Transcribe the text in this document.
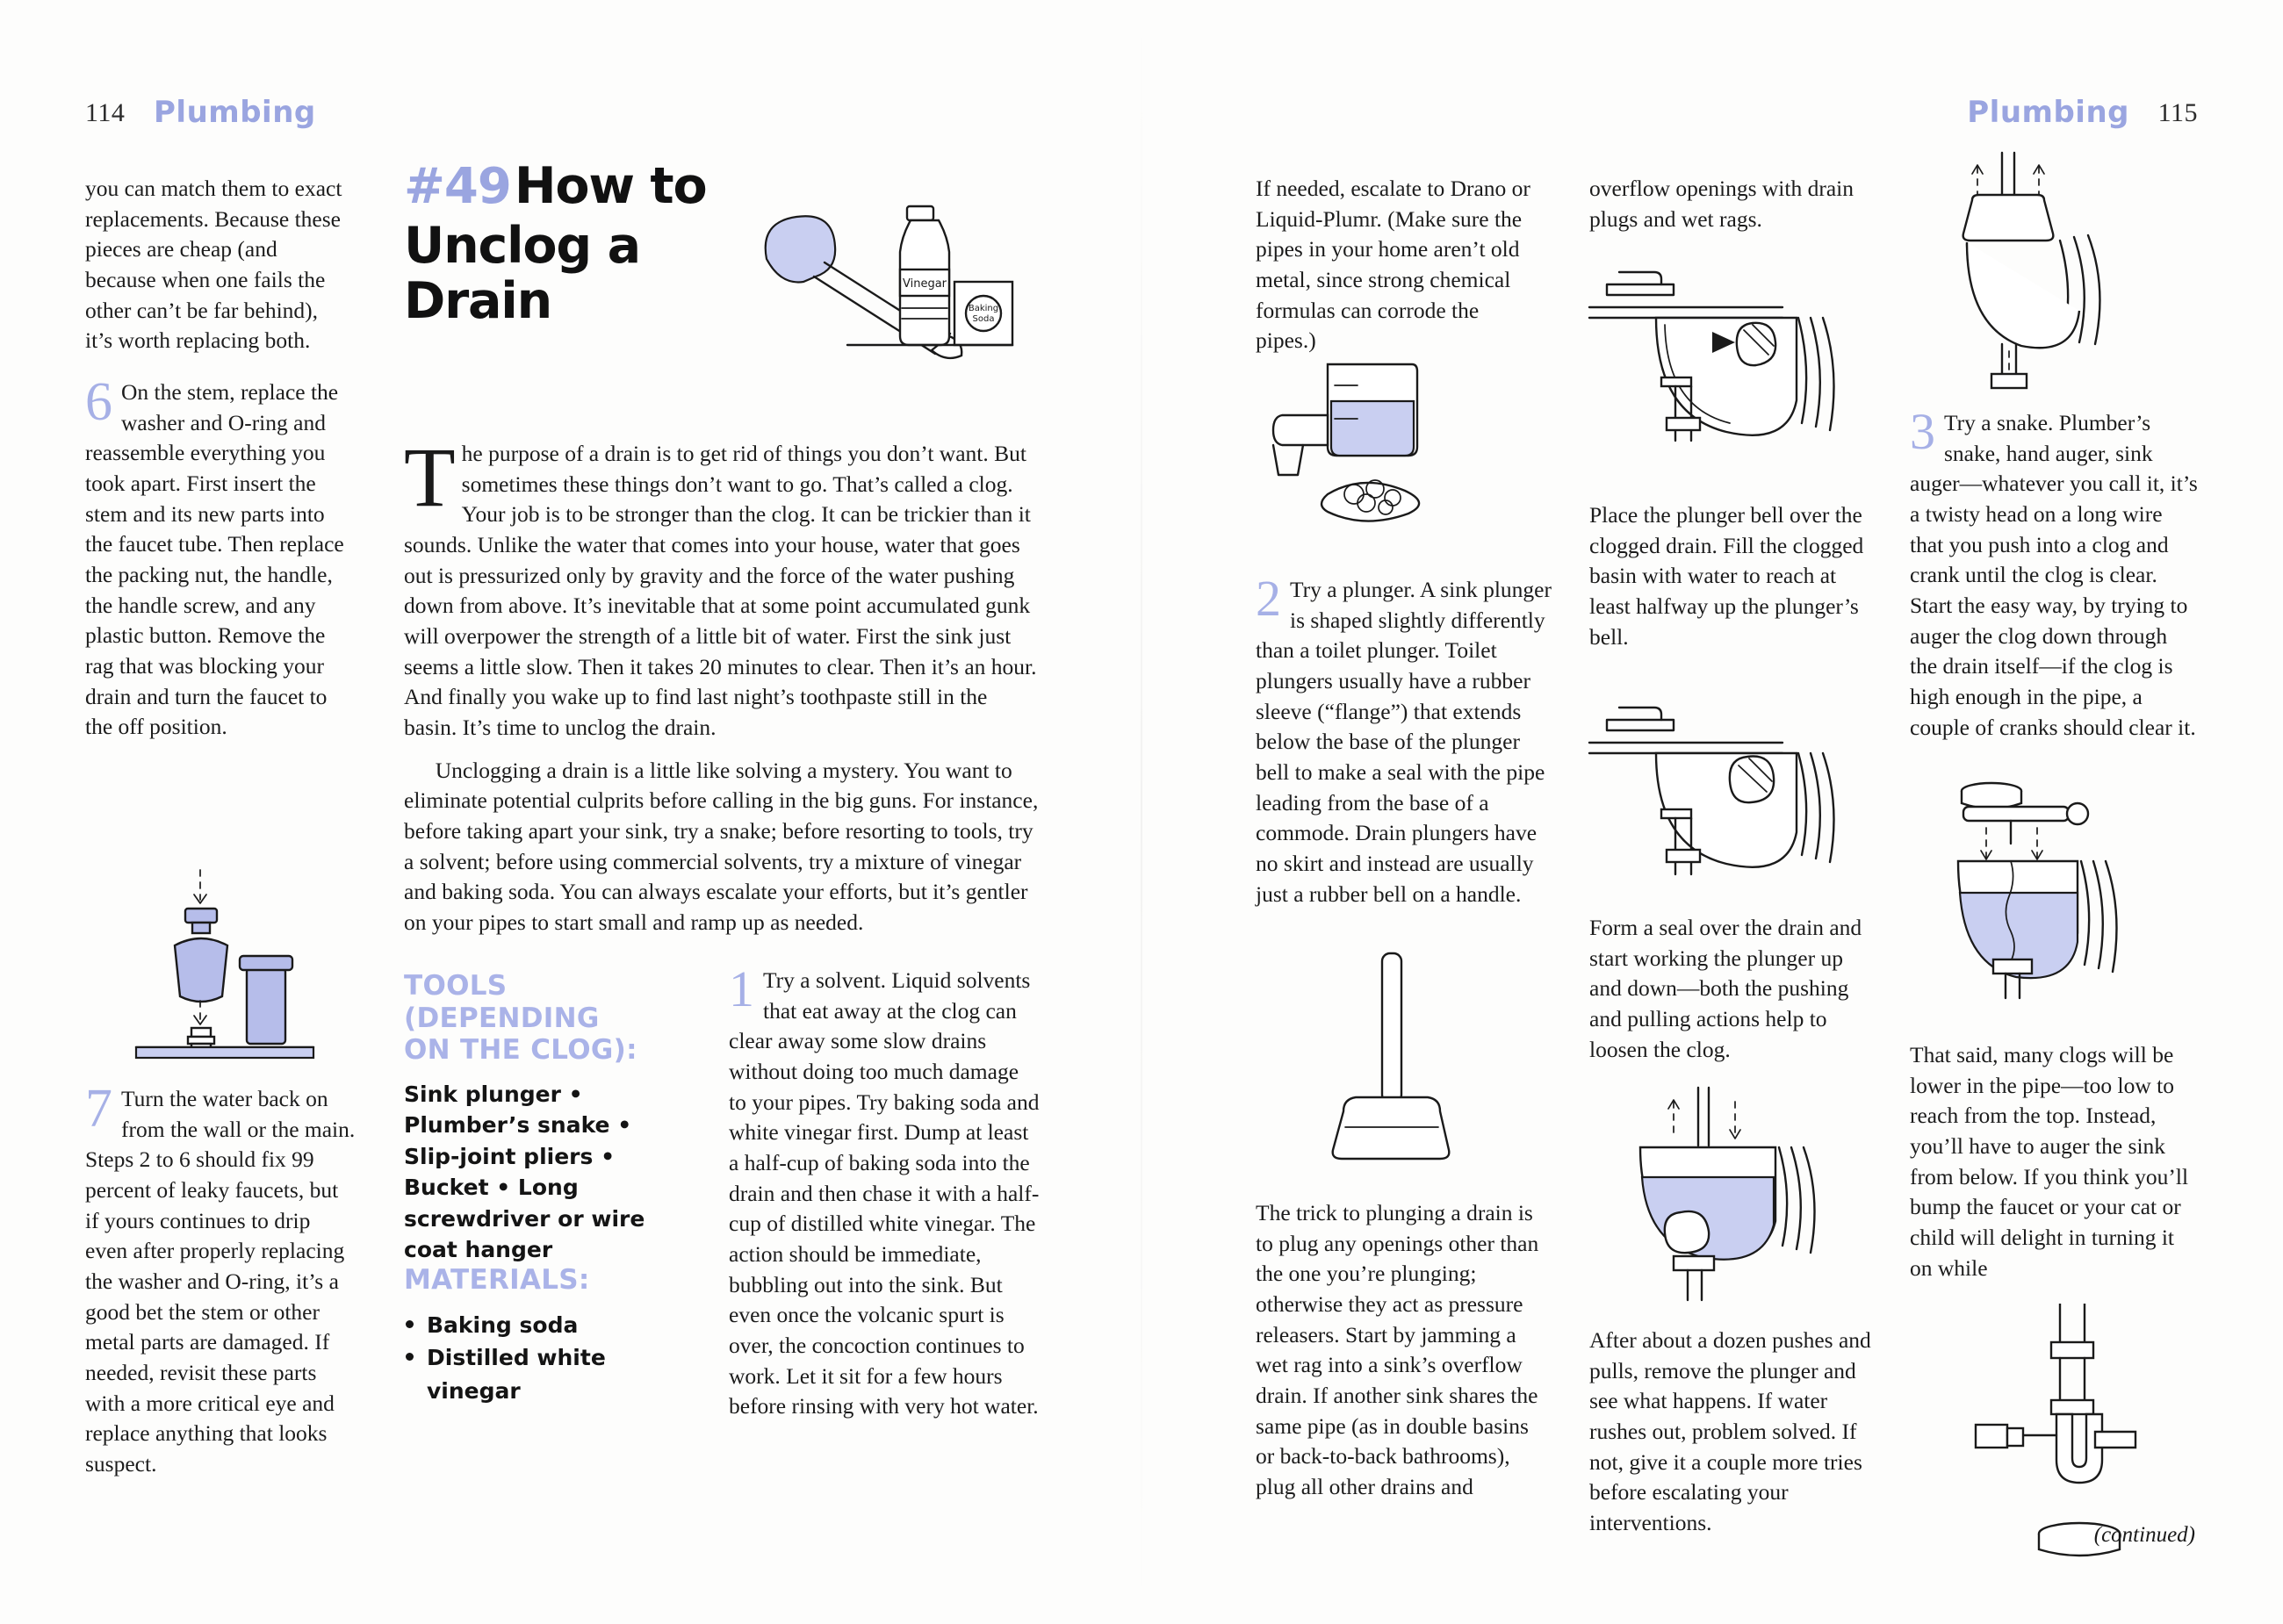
114 Plumbing	Plumbing 115

you can match them to exact replacements. Because these pieces are cheap (and because when one fails the other can’t be far behind), it’s worth replacing both.

6 On the stem, replace the washer and O-ring and reassemble everything you took apart. First insert the stem and its new parts into the faucet tube. Then replace the packing nut, the handle, the handle screw, and any plastic button. Remove the rag that was blocking your drain and turn the faucet to the off position.

7 Turn the water back on from the wall or the main. Steps 2 to 6 should fix 99 percent of leaky faucets, but if yours continues to drip even after properly replacing the washer and O-ring, it’s a good bet the stem or other metal parts are damaged. If needed, revisit these parts with a more critical eye and replace anything that looks suspect.

#49 How to
Unclog a Drain	Vinegar
Baking
Soda

T he purpose of a drain is to get rid of things you don’t want. But sometimes these things don’t want to go. That’s called a clog. Your job is to be stronger than the clog. It can be trickier than it sounds. Unlike the water that comes into your house, water that goes out is pressurized only by gravity and the force of the water pushing down from above. It’s inevitable that at some point accumulated gunk will overpower the strength of a little bit of water. First the sink just seems a little slow. Then it takes 20 minutes to clear. Then it’s an hour. And finally you wake up to find last night’s toothpaste still in the basin. It’s time to unclog the drain.

Unclogging a drain is a little like solving a mystery. You want to eliminate potential culprits before calling in the big guns. For instance, before taking apart your sink, try a snake; before resorting to tools, try a solvent; before using commercial solvents, try a mixture of vinegar and baking soda. You can always escalate your efforts, but it’s gentler on your pipes to start small and ramp up as needed.

TOOLS (DEPENDING
ON THE CLOG):
Sink plunger • Plumber’s snake • Slip-joint pliers • Bucket • Long screwdriver or wire coat hanger
MATERIALS:
Baking soda
Distilled white vinegar

1 Try a solvent. Liquid solvents that eat away at the clog can clear away some slow drains without doing too much damage to your pipes. Try baking soda and white vinegar first. Dump at least a half-cup of baking soda into the drain and then chase it with a half-cup of distilled white vinegar. The action should be immediate, bubbling out into the sink. But even once the volcanic spurt is over, the concoction continues to work. Let it sit for a few hours before rinsing with very hot water.

If needed, escalate to Drano or Liquid-Plumr. (Make sure the pipes in your home aren’t old metal, since strong chemical formulas can corrode the pipes.)

2 Try a plunger. A sink plunger is shaped slightly differently than a toilet plunger. Toilet plungers usually have a rubber sleeve (“flange”) that extends below the base of the plunger bell to make a seal with the pipe leading from the base of a commode. Drain plungers have no skirt and instead are usually just a rubber bell on a handle.

The trick to plunging a drain is to plug any openings other than the one you’re plunging; otherwise they act as pressure releasers. Start by jamming a wet rag into a sink’s overflow drain. If another sink shares the same pipe (as in double basins or back-to-back bathrooms), plug all other drains and
overflow openings with drain plugs and wet rags.
Place the plunger bell over the clogged drain. Fill the clogged basin with water to reach at least halfway up the plunger’s bell.
Form a seal over the drain and start working the plunger up and down—both the pushing and pulling actions help to loosen the clog.
After about a dozen pushes and pulls, remove the plunger and see what happens. If water rushes out, problem solved. If not, give it a couple more tries before escalating your interventions.

3 Try a snake. Plumber’s snake, hand auger, sink auger—whatever you call it, it’s a twisty head on a long wire that you push into a clog and crank until the clog is clear. Start the easy way, by trying to auger the clog down through the drain itself—if the clog is high enough in the pipe, a couple of cranks should clear it.

That said, many clogs will be lower in the pipe—too low to reach from the top. Instead, you’ll have to auger the sink from below. If you think you’ll bump the faucet or your cat or child will delight in turning it on while
(continued)
